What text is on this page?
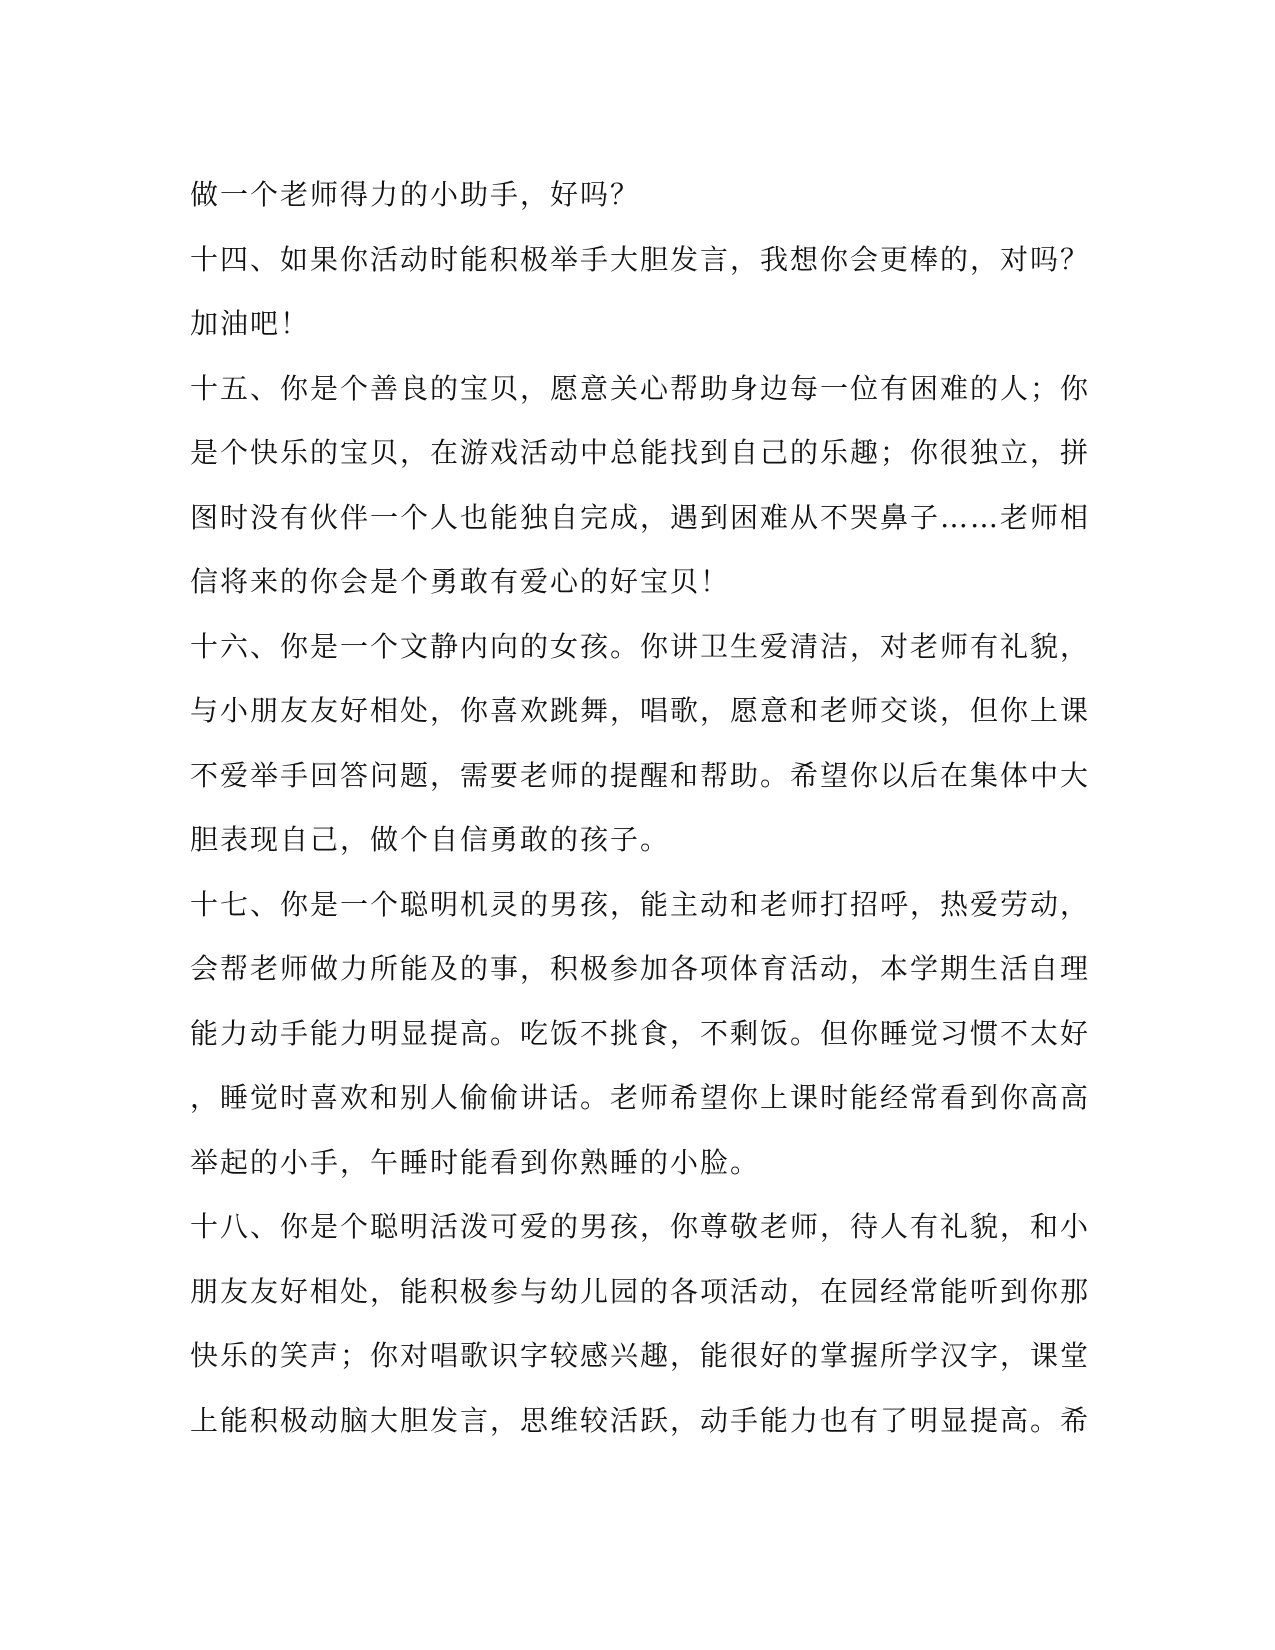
做一个老师得力的小助手，好吗？
十四、如果你活动时能积极举手大胆发言，我想你会更棒的，对吗？
加油吧！
十五、你是个善良的宝贝，愿意关心帮助身边每一位有困难的人；你
是个快乐的宝贝，在游戏活动中总能找到自己的乐趣；你很独立，拼
图时没有伙伴一个人也能独自完成，遇到困难从不哭鼻子……老师相
信将来的你会是个勇敢有爱心的好宝贝！
十六、你是一个文静内向的女孩。你讲卫生爱清洁，对老师有礼貌，
与小朋友友好相处，你喜欢跳舞，唱歌，愿意和老师交谈，但你上课
不爱举手回答问题，需要老师的提醒和帮助。希望你以后在集体中大
胆表现自己，做个自信勇敢的孩子。
十七、你是一个聪明机灵的男孩，能主动和老师打招呼，热爱劳动，
会帮老师做力所能及的事，积极参加各项体育活动，本学期生活自理
能力动手能力明显提高。吃饭不挑食，不剩饭。但你睡觉习惯不太好
，睡觉时喜欢和别人偷偷讲话。老师希望你上课时能经常看到你高高
举起的小手，午睡时能看到你熟睡的小脸。
十八、你是个聪明活泼可爱的男孩，你尊敬老师，待人有礼貌，和小
朋友友好相处，能积极参与幼儿园的各项活动，在园经常能听到你那
快乐的笑声；你对唱歌识字较感兴趣，能很好的掌握所学汉字，课堂
上能积极动脑大胆发言，思维较活跃，动手能力也有了明显提高。希
